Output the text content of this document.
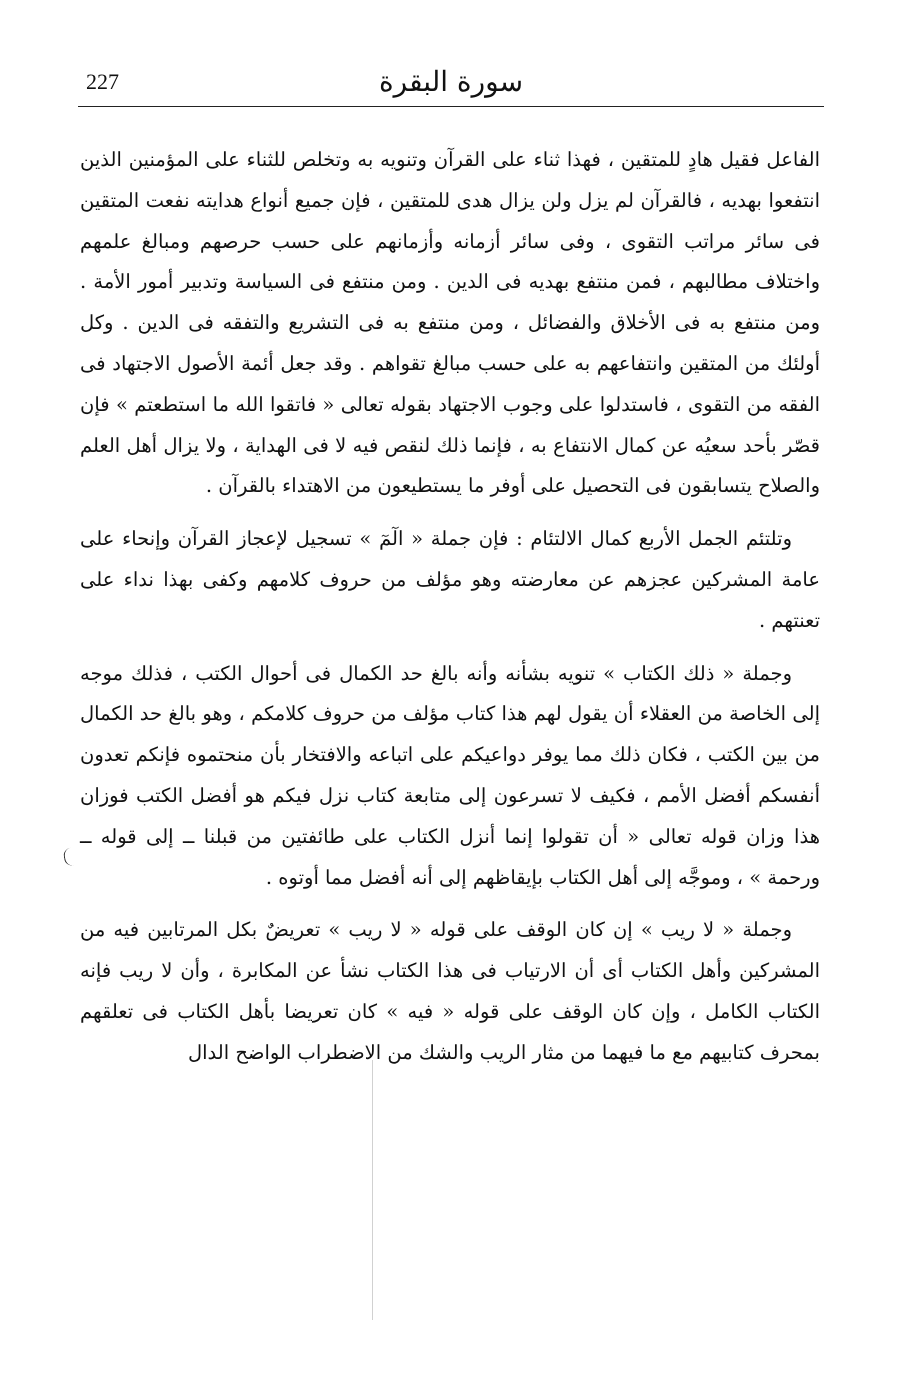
227	سورة البقرة

الفاعل فقيل هادٍ للمتقين ، فهذا ثناء على القرآن وتنويه به وتخلص للثناء على المؤمنين الذين انتفعوا بهديه ، فالقرآن لم يزل ولن يزال هدى للمتقين ، فإن جميع أنواع هدايته نفعت المتقين فى سائر مراتب التقوى ، وفى سائر أزمانه وأزمانهم على حسب حرصهم ومبالغ علمهم واختلاف مطالبهم ، فمن منتفع بهديه فى الدين . ومن منتفع فى السياسة وتدبير أمور الأمة . ومن منتفع به فى الأخلاق والفضائل ، ومن منتفع به فى التشريع والتفقه فى الدين . وكل أولئك من المتقين وانتفاعهم به على حسب مبالغ تقواهم . وقد جعل أئمة الأصول الاجتهاد فى الفقه من التقوى ، فاستدلوا على وجوب الاجتهاد بقوله تعالى « فاتقوا الله ما استطعتم » فإن قصّر بأحد سعيُه عن كمال الانتفاع به ، فإنما ذلك لنقص فيه لا فى الهداية ، ولا يزال أهل العلم والصلاح يتسابقون فى التحصيل على أوفر ما يستطيعون من الاهتداء بالقرآن .

وتلتئم الجمل الأربع كمال الالتئام : فإن جملة « الٓمٓ » تسجيل لإعجاز القرآن وإنحاء على عامة المشركين عجزهم عن معارضته وهو مؤلف من حروف كلامهم وكفى بهذا نداء على تعنتهم .

وجملة « ذلك الكتاب » تنويه بشأنه وأنه بالغ حد الكمال فى أحوال الكتب ، فذلك موجه إلى الخاصة من العقلاء أن يقول لهم هذا كتاب مؤلف من حروف كلامكم ، وهو بالغ حد الكمال من بين الكتب ، فكان ذلك مما يوفر دواعيكم على اتباعه والافتخار بأن منحتموه فإنكم تعدون أنفسكم أفضل الأمم ، فكيف لا تسرعون إلى متابعة كتاب نزل فيكم هو أفضل الكتب فوزان هذا وزان قوله تعالى « أن تقولوا إنما أنزل الكتاب على طائفتين من قبلنا ــ إلى قوله ــ ورحمة » ، وموجَّه إلى أهل الكتاب بإيقاظهم إلى أنه أفضل مما أوتوه .

وجملة « لا ريب » إن كان الوقف على قوله « لا ريب » تعريضٌ بكل المرتابين فيه من المشركين وأهل الكتاب أى أن الارتياب فى هذا الكتاب نشأ عن المكابرة ، وأن لا ريب فإنه الكتاب الكامل ، وإن كان الوقف على قوله « فيه » كان تعريضا بأهل الكتاب فى تعلقهم بمحرف كتابيهم مع ما فيهما من مثار الريب والشك من الاضطراب الواضح الدال
